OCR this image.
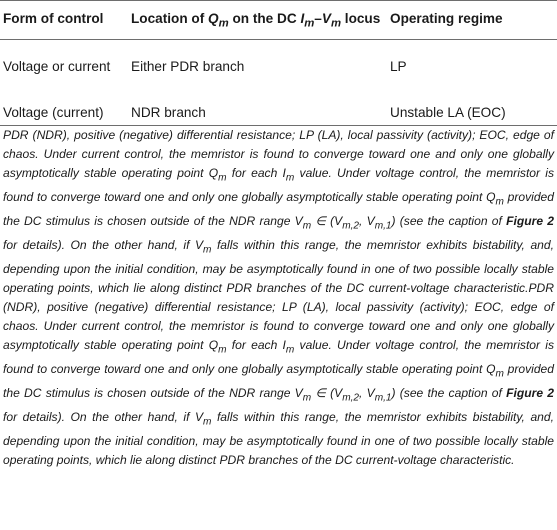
Form of control Location of $Q_m$ on the DC $I_m-V_m$ locus Operating regime
Voltage or current Either PDR branch	LP
Voltage (current) NDR branch	Unstable LA (EOC)
PDR (NDR), positive (negative) differential resistance; LP (LA), local passivity (activity); EOC, edge of chaos. Under current control, the memristor is found to converge toward one and only one globally asymptotically stable operating point $Q_m$ for each $I_m$ value. Under voltage control, the memristor is found to converge toward one and only one globally asymptotically stable operating point $Q_m$ provided the DC stimulus is chosen outside of the NDR range $V_m$ ∈ ($V_{m,2}$, $V_{m,1}$) (see the caption of Figure 2 for details). On the other hand, if $V_m$ falls within this range, the memristor exhibits bistability, and, depending upon the initial condition, may be asymptotically found in one of two possible locally stable operating points, which lie along distinct PDR branches of the DC current-voltage characteristic.PDR (NDR), positive (negative) differential resistance; LP (LA), local passivity (activity); EOC, edge of chaos. Under current control, the memristor is found to converge toward one and only one globally asymptotically stable operating point $Q_m$ for each $I_m$ value. Under voltage control, the memristor is found to converge toward one and only one globally asymptotically stable operating point $Q_m$ provided the DC stimulus is chosen outside of the NDR range $V_m$ ∈ ($V_{m,2}$, $V_{m,1}$) (see the caption of Figure 2 for details). On the other hand, if $V_m$ falls within this range, the memristor exhibits bistability, and, depending upon the initial condition, may be asymptotically found in one of two possible locally stable operating points, which lie along distinct PDR branches of the DC current-voltage characteristic.
